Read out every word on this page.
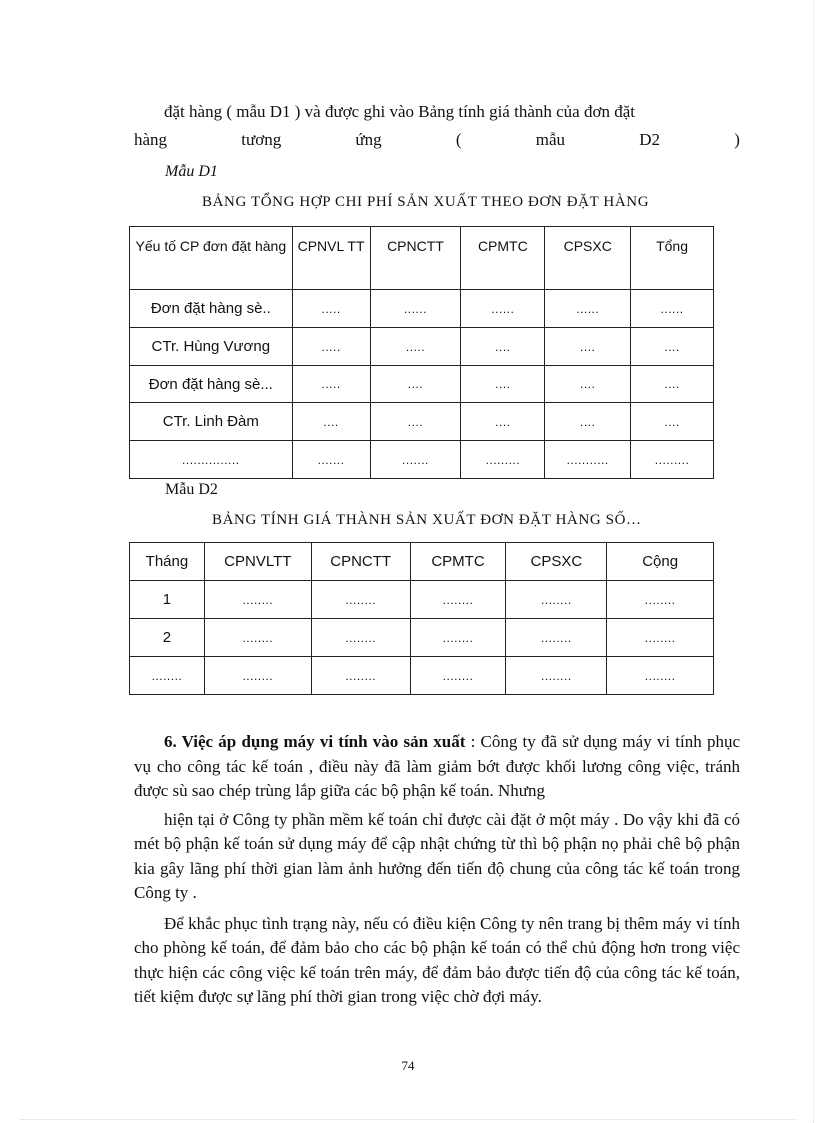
đặt hàng ( mẫu D1 ) và được ghi vào Bảng tính giá thành của đơn đặt
hàng	tương	ứng	(	mẫu	D2	)
Mẫu D1
BẢNG TỔNG HỢP CHI PHÍ SẢN XUẤT THEO ĐƠN ĐẶT HÀNG
Yếu tố CP đơn đặt hàng	CPNVL TT	CPNCTT	CPMTC	CPSXC	Tổng
Đơn đặt hàng sè..	.....	......	......	......	......
CTr. Hùng Vương	.....	.....	....	....	....
Đơn đặt hàng sè...	.....	....	....	....	....
CTr. Linh Đàm	....	....	....	....	....
...............	.......	.......	.........	...........	.........
Mẫu D2
BẢNG TÍNH GIÁ THÀNH SẢN XUẤT ĐƠN ĐẶT HÀNG SỐ…
Tháng	CPNVLTT	CPNCTT	CPMTC	CPSXC	Cộng
1	........	........	........	........	........
2	........	........	........	........	........
........	........	........	........	........	........

6. Việc áp dụng máy vi tính vào sản xuất : Công ty đã sử dụng máy vi tính phục vụ cho công tác kế toán , điều này đã làm giảm bớt được khối lương công việc, tránh được sù sao chép trùng lắp giữa các bộ phận kế toán. Nhưng

hiện tại ở Công ty phần mềm kế toán chỉ được cài đặt ở một máy . Do vậy khi đã có mét bộ phận kế toán sử dụng máy để cập nhật chứng từ thì bộ phận nọ phải chê bộ phận kia gây lãng phí thời gian làm ảnh hưởng đến tiến độ chung của công tác kế toán trong Công ty .

Để khắc phục tình trạng này, nếu có điều kiện Công ty nên trang bị thêm máy vi tính cho phòng kế toán, để đảm bảo cho các bộ phận kế toán có thể chủ động hơn trong việc thực hiện các công việc kế toán trên máy, để đảm bảo được tiến độ của công tác kế toán, tiết kiệm được sự lãng phí thời gian trong việc chờ đợi máy.

74
